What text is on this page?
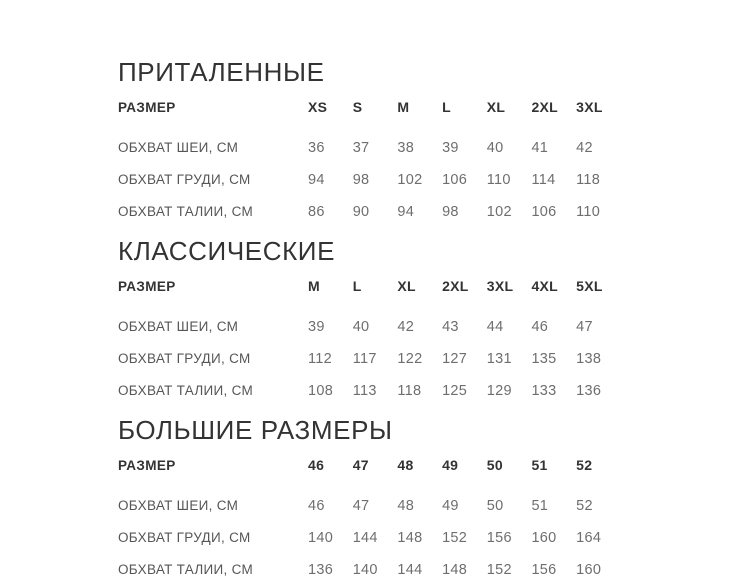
ПРИТАЛЕННЫЕ
РАЗМЕР	XS	S	M	L	XL	2XL	3XL
ОБХВАТ ШЕИ, СМ	36	37	38	39	40	41	42
ОБХВАТ ГРУДИ, СМ	94	98	102	106	110	114	118
ОБХВАТ ТАЛИИ, СМ	86	90	94	98	102	106	110
КЛАССИЧЕСКИЕ
РАЗМЕР	M	L	XL	2XL	3XL	4XL	5XL
ОБХВАТ ШЕИ, СМ	39	40	42	43	44	46	47
ОБХВАТ ГРУДИ, СМ	112	117	122	127	131	135	138
ОБХВАТ ТАЛИИ, СМ	108	113	118	125	129	133	136
БОЛЬШИЕ РАЗМЕРЫ
РАЗМЕР	46	47	48	49	50	51	52
ОБХВАТ ШЕИ, СМ	46	47	48	49	50	51	52
ОБХВАТ ГРУДИ, СМ	140	144	148	152	156	160	164
ОБХВАТ ТАЛИИ, СМ	136	140	144	148	152	156	160
